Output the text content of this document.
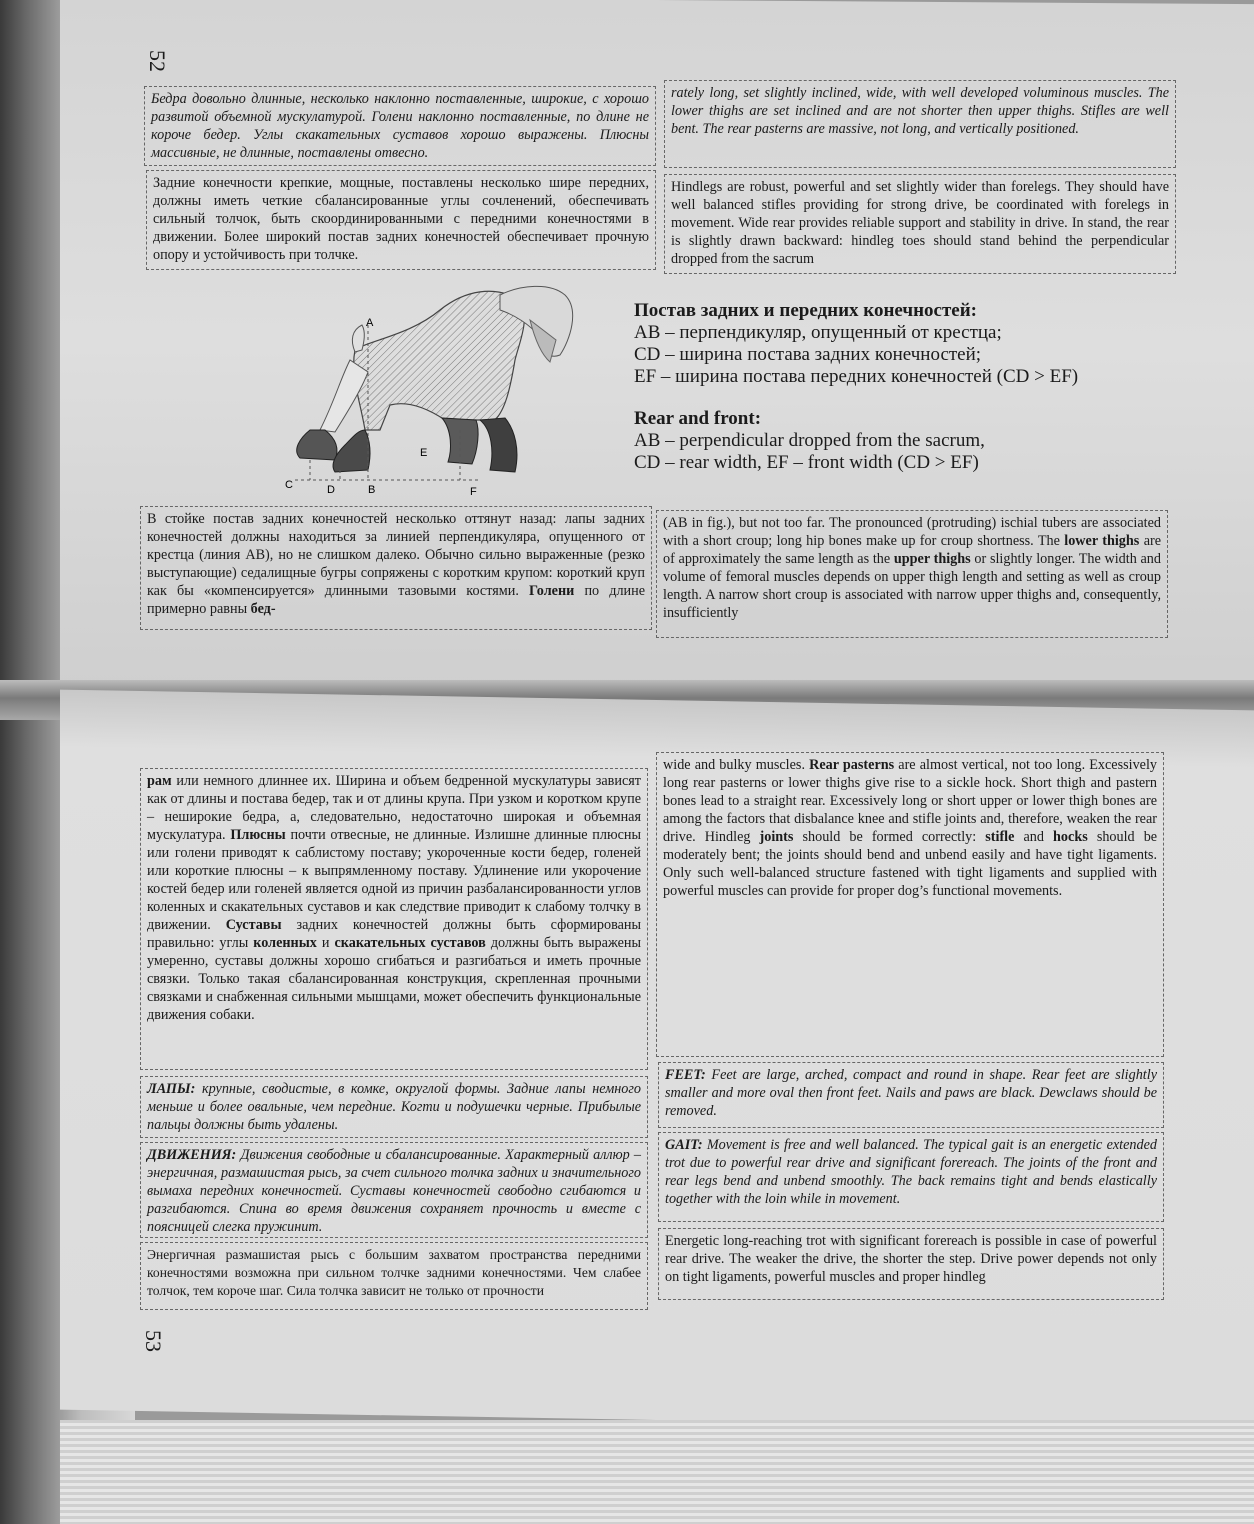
52
53
Бедра довольно длинные, несколько наклонно поставленные, широкие, с хорошо развитой объемной мускулатурой. Голени наклонно поставленные, по длине не короче бедер. Углы скакательных суставов хорошо выражены. Плюсны массивные, не длинные, поставлены отвесно.
rately long, set slightly inclined, wide, with well developed voluminous muscles. The lower thighs are set inclined and are not shorter then upper thighs. Stifles are well bent. The rear pasterns are massive, not long, and vertically positioned.
Задние конечности крепкие, мощные, поставлены несколько шире передних, должны иметь четкие сбалансированные углы сочленений, обеспечивать сильный толчок, быть скоординированными с передними конечностями в движении. Более широкий постав задних конечностей обеспечивает прочную опору и устойчивость при толчке.
Hindlegs are robust, powerful and set slightly wider than forelegs. They should have well balanced stifles providing for strong drive, be coordinated with forelegs in movement. Wide rear provides reliable support and stability in drive. In stand, the rear is slightly drawn backward: hindleg toes should stand behind the perpendicular dropped from the sacrum
A
E
C	D	B	F
Постав задних и передних конечностей:
AB – перпендикуляр, опущенный от крестца;
CD – ширина постава задних конечностей;
EF – ширина постава передних конечностей (CD > EF)
Rear and front:
AB – perpendicular dropped from the sacrum,
CD – rear width, EF – front width (CD > EF)
В стойке постав задних конечностей несколько оттянут назад: лапы задних конечностей должны находиться за линией перпендикуляра, опущенного от крестца (линия АВ), но не слишком далеко. Обычно сильно выраженные (резко выступающие) седалищные бугры сопряжены с коротким крупом: короткий круп как бы «компенсируется» длинными тазовыми костями. Голени по длине примерно равны бед-
(AB in fig.), but not too far. The pronounced (protruding) ischial tubers are associated with a short croup; long hip bones make up for croup shortness. The lower thighs are of approximately the same length as the upper thighs or slightly longer. The width and volume of femoral muscles depends on upper thigh length and setting as well as croup length. A narrow short croup is associated with narrow upper thighs and, consequently, insufficiently
рам или немного длиннее их. Ширина и объем бедренной мускулатуры зависят как от длины и постава бедер, так и от длины крупа. При узком и коротком крупе – неширокие бедра, а, следовательно, недостаточно широкая и объемная мускулатура. Плюсны почти отвесные, не длинные. Излишне длинные плюсны или голени приводят к саблистому поставу; укороченные кости бедер, голеней или короткие плюсны – к выпрямленному поставу. Удлинение или укорочение костей бедер или голеней является одной из причин разбалансированности углов коленных и скакательных суставов и как следствие приводит к слабому толчку в движении. Суставы задних конечностей должны быть сформированы правильно: углы коленных и скакательных суставов должны быть выражены умеренно, суставы должны хорошо сгибаться и разгибаться и иметь прочные связки. Только такая сбалансированная конструкция, скрепленная прочными связками и снабженная сильными мышцами, может обеспечить функциональные движения собаки.
wide and bulky muscles. Rear pasterns are almost vertical, not too long. Excessively long rear pasterns or lower thighs give rise to a sickle hock. Short thigh and pastern bones lead to a straight rear. Excessively long or short upper or lower thigh bones are among the factors that disbalance knee and stifle joints and, therefore, weaken the rear drive. Hindleg joints should be formed correctly: stifle and hocks should be moderately bent; the joints should bend and unbend easily and have tight ligaments. Only such well-balanced structure fastened with tight ligaments and supplied with powerful muscles can provide for proper dog’s functional movements.
ЛАПЫ: крупные, сводистые, в комке, округлой формы. Задние лапы немного меньше и более овальные, чем передние. Когти и подушечки черные. Прибылые пальцы должны быть удалены.
FEET: Feet are large, arched, compact and round in shape. Rear feet are slightly smaller and more oval then front feet. Nails and paws are black. Dewclaws should be removed.
ДВИЖЕНИЯ: Движения свободные и сбалансированные. Характерный аллюр – энергичная, размашистая рысь, за счет сильного толчка задних и значительного вымаха передних конечностей. Суставы конечностей свободно сгибаются и разгибаются. Спина во время движения сохраняет прочность и вместе с поясницей слегка пружинит.
GAIT: Movement is free and well balanced. The typical gait is an energetic extended trot due to powerful rear drive and significant forereach. The joints of the front and rear legs bend and unbend smoothly. The back remains tight and bends elastically together with the loin while in movement.
Энергичная размашистая рысь с большим захватом пространства передними конечностями возможна при сильном толчке задними конечностями. Чем слабее толчок, тем короче шаг. Сила толчка зависит не только от прочности
Energetic long-reaching trot with significant forereach is possible in case of powerful rear drive. The weaker the drive, the shorter the step. Drive power depends not only on tight ligaments, powerful muscles and proper hindleg
